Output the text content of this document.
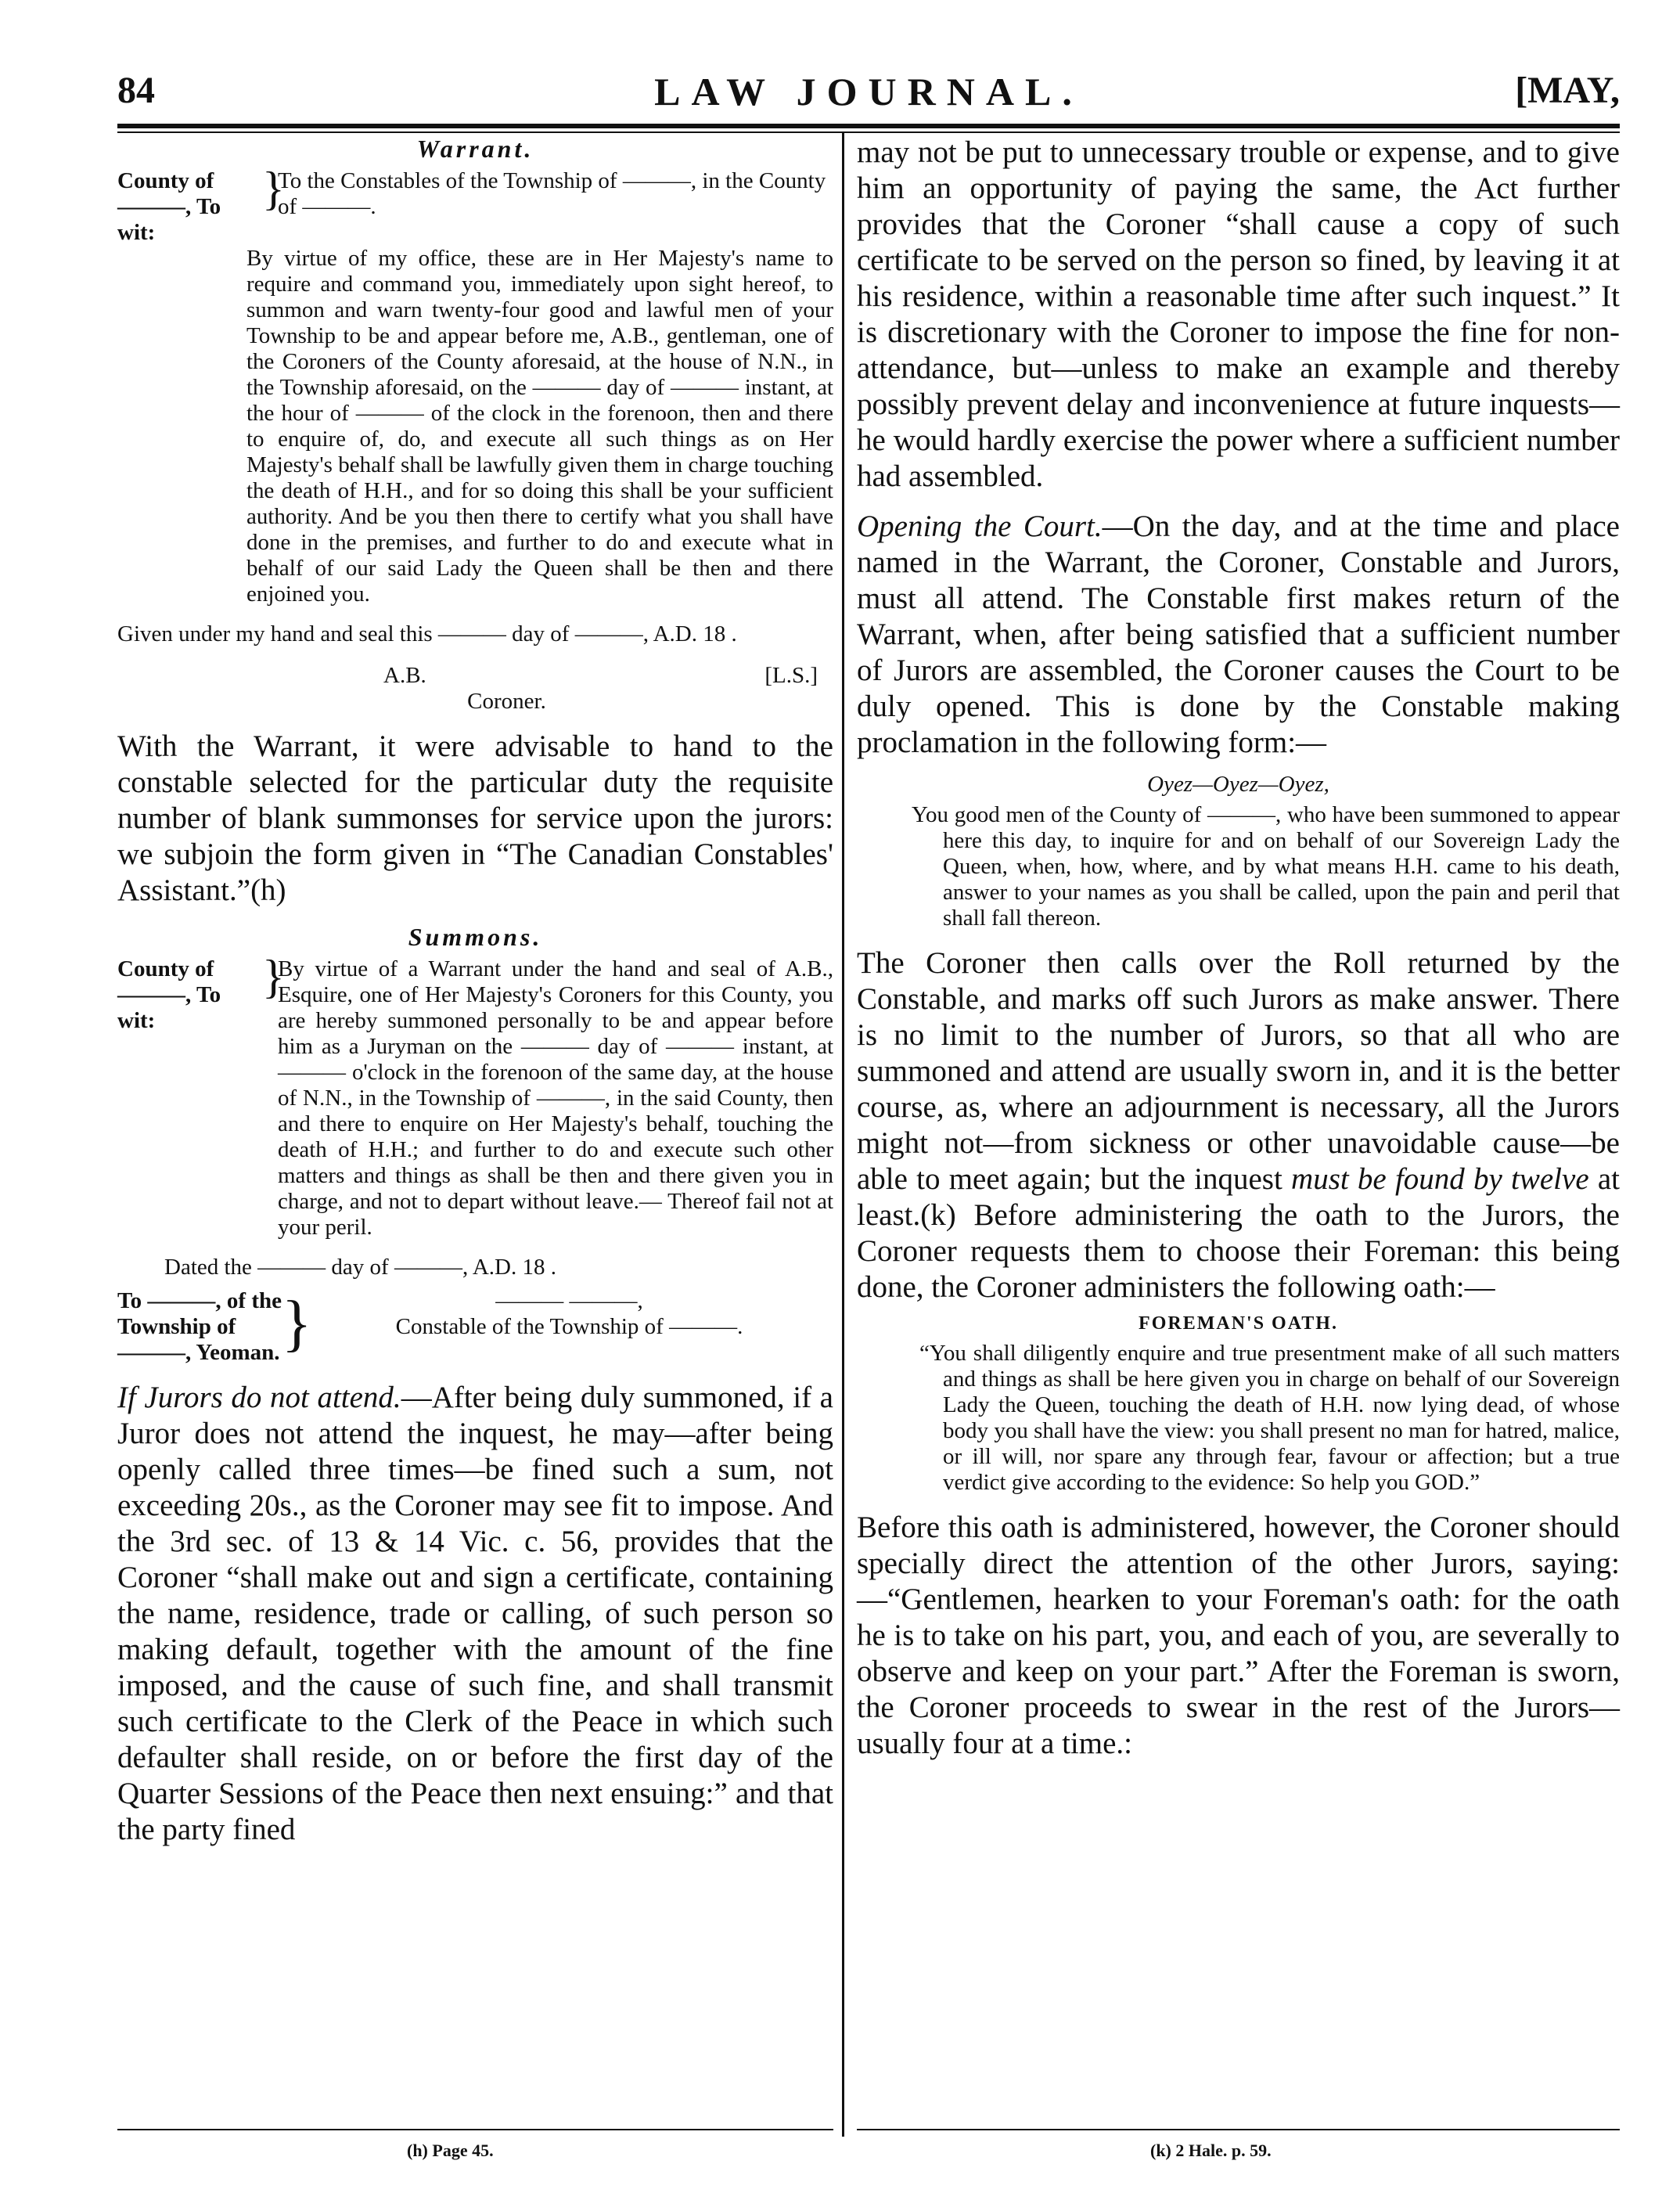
84	LAW JOURNAL.	[MAY,
Warrant.
County of ———, To wit:
}
To the Constables of the Township of ———, in the County of ———.

By virtue of my office, these are in Her Majesty's name to require and command you, immediately upon sight hereof, to summon and warn twenty-four good and lawful men of your Township to be and appear before me, A.B., gentleman, one of the Coroners of the County aforesaid, at the house of N.N., in the Township aforesaid, on the ——— day of ——— instant, at the hour of ——— of the clock in the forenoon, then and there to enquire of, do, and execute all such things as on Her Majesty's behalf shall be lawfully given them in charge touching the death of H.H., and for so doing this shall be your sufficient authority. And be you then there to certify what you shall have done in the premises, and further to do and execute what in behalf of our said Lady the Queen shall be then and there enjoined you.

Given under my hand and seal this ——— day of ———, A.D. 18 .

A.B.	[L.S.]
Coroner.

With the Warrant, it were advisable to hand to the constable selected for the particular duty the requisite number of blank summonses for service upon the jurors: we subjoin the form given in “The Canadian Constables' Assistant.”(h)

Summons.
County of ———, To wit:
}
By virtue of a Warrant under the hand and seal of A.B., Esquire, one of Her Majesty's Coroners for this County, you are hereby summoned personally to be and appear before him as a Juryman on the ——— day of ——— instant, at ——— o'clock in the forenoon of the same day, at the house of N.N., in the Township of ———, in the said County, then and there to enquire on Her Majesty's behalf, touching the death of H.H.; and further to do and execute such other matters and things as shall be then and there given you in charge, and not to depart without leave.— Thereof fail not at your peril.
Dated the ——— day of ———, A.D. 18 .
To ———, of the Township of ———, Yeoman. }	——— ———,
Constable of the Township of ———.

If Jurors do not attend.—After being duly summoned, if a Juror does not attend the inquest, he may—after being openly called three times—be fined such a sum, not exceeding 20s., as the Coroner may see fit to impose. And the 3rd sec. of 13 & 14 Vic. c. 56, provides that the Coroner “shall make out and sign a certificate, containing the name, residence, trade or calling, of such person so making default, together with the amount of the fine imposed, and the cause of such fine, and shall transmit such certificate to the Clerk of the Peace in which such defaulter shall reside, on or before the first day of the Quarter Sessions of the Peace then next ensuing:” and that the party fined

(h) Page 45.

may not be put to unnecessary trouble or expense, and to give him an opportunity of paying the same, the Act further provides that the Coroner “shall cause a copy of such certificate to be served on the person so fined, by leaving it at his residence, within a reasonable time after such inquest.” It is discretionary with the Coroner to impose the fine for non-attendance, but—unless to make an example and thereby possibly prevent delay and inconvenience at future inquests—he would hardly exercise the power where a sufficient number had assembled.

Opening the Court.—On the day, and at the time and place named in the Warrant, the Coroner, Constable and Jurors, must all attend. The Constable first makes return of the Warrant, when, after being satisfied that a sufficient number of Jurors are assembled, the Coroner causes the Court to be duly opened. This is done by the Constable making proclamation in the following form:—

Oyez—Oyez—Oyez,

You good men of the County of ———, who have been summoned to appear here this day, to inquire for and on behalf of our Sovereign Lady the Queen, when, how, where, and by what means H.H. came to his death, answer to your names as you shall be called, upon the pain and peril that shall fall thereon.

The Coroner then calls over the Roll returned by the Constable, and marks off such Jurors as make answer. There is no limit to the number of Jurors, so that all who are summoned and attend are usually sworn in, and it is the better course, as, where an adjournment is necessary, all the Jurors might not—from sickness or other unavoidable cause—be able to meet again; but the inquest must be found by twelve at least.(k) Before administering the oath to the Jurors, the Coroner requests them to choose their Foreman: this being done, the Coroner administers the following oath:—

FOREMAN'S OATH.

“You shall diligently enquire and true presentment make of all such matters and things as shall be here given you in charge on behalf of our Sovereign Lady the Queen, touching the death of H.H. now lying dead, of whose body you shall have the view: you shall present no man for hatred, malice, or ill will, nor spare any through fear, favour or affection; but a true verdict give according to the evidence: So help you GOD.”

Before this oath is administered, however, the Coroner should specially direct the attention of the other Jurors, saying:—“Gentlemen, hearken to your Foreman's oath: for the oath he is to take on his part, you, and each of you, are severally to observe and keep on your part.” After the Foreman is sworn, the Coroner proceeds to swear in the rest of the Jurors—usually four at a time.:

(k) 2 Hale. p. 59.
